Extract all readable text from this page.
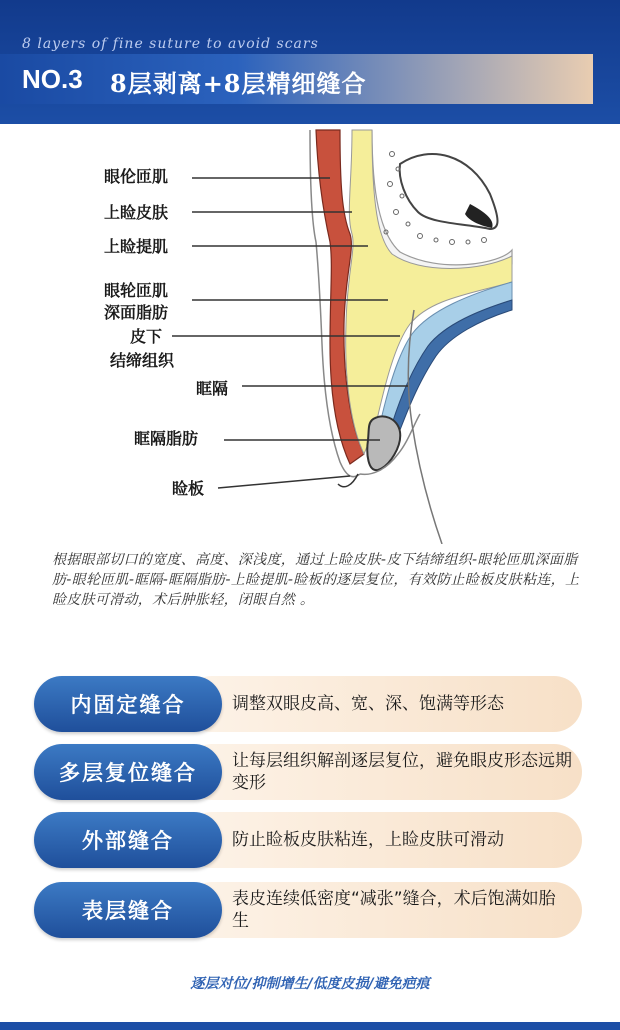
8 layers of fine suture to avoid scars
NO.3 8层剥离+8层精细缝合
眼伦匝肌
上睑皮肤
上睑提肌
眼轮匝肌
深面脂肪
皮下
结缔组织
眶隔
眶隔脂肪
睑板
根据眼部切口的宽度、高度、深浅度，通过上睑皮肤-皮下结缔组织-眼轮匝肌深面脂肪-眼轮匝肌-眶隔-眶隔脂肪-上睑提肌-睑板的逐层复位，有效防止睑板皮肤粘连，上睑皮肤可滑动，术后肿胀轻，闭眼自然 。
调整双眼皮高、宽、深、饱满等形态
内固定缝合
让每层组织解剖逐层复位，避免眼皮形态远期变形
多层复位缝合
防止睑板皮肤粘连，上睑皮肤可滑动
外部缝合
表皮连续低密度“减张”缝合，术后饱满如胎生
表层缝合
逐层对位/抑制增生/低度皮损/避免疤痕
